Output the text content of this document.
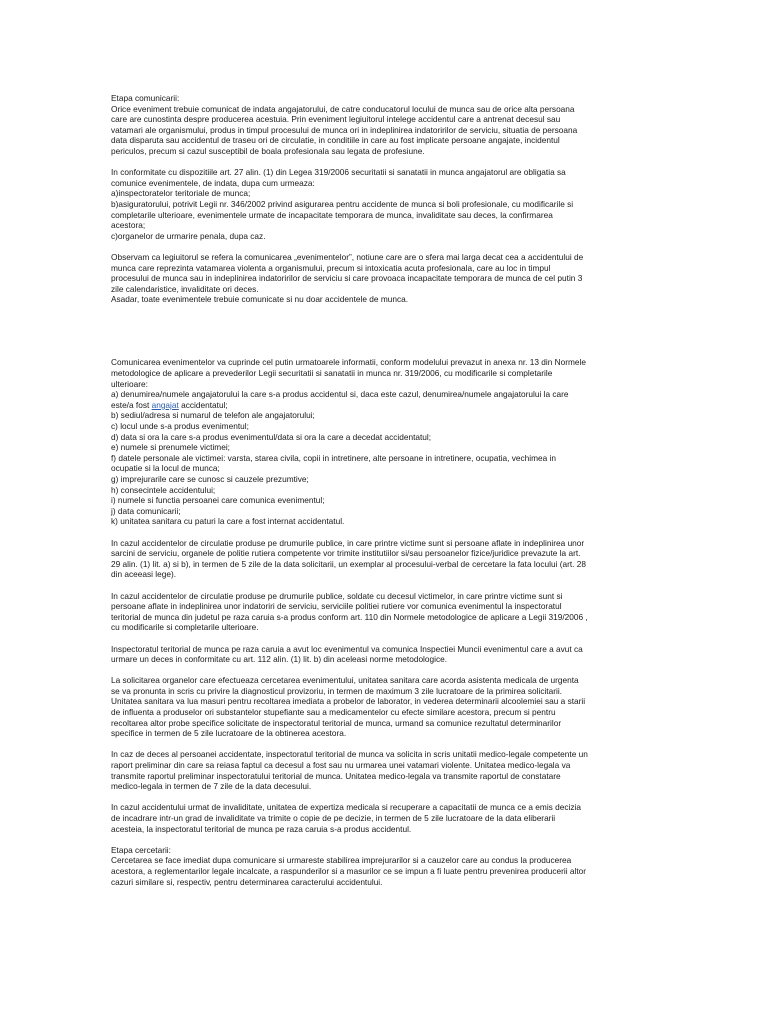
Etapa comunicarii:
Orice eveniment trebuie comunicat de indata angajatorului, de catre conducatorul locului de munca sau de orice alta persoana
care are cunostinta despre producerea acestuia. Prin eveniment legiuitorul intelege accidentul care a antrenat decesul sau
vatamari ale organismului, produs in timpul procesului de munca ori in indeplinirea indatoririlor de serviciu, situatia de persoana
data disparuta sau accidentul de traseu ori de circulatie, in conditiile in care au fost implicate persoane angajate, incidentul
periculos, precum si cazul susceptibil de boala profesionala sau legata de profesiune.
In conformitate cu dispozitiile art. 27 alin. (1) din Legea 319/2006 securitatii si sanatatii in munca angajatorul are obligatia sa
comunice evenimentele, de indata, dupa cum urmeaza:
a)inspectoratelor teritoriale de munca;
b)asiguratorului, potrivit Legii nr. 346/2002 privind asigurarea pentru accidente de munca si boli profesionale, cu modificarile si
completarile ulterioare, evenimentele urmate de incapacitate temporara de munca, invaliditate sau deces, la confirmarea
acestora;
c)organelor de urmarire penala, dupa caz.
Observam ca legiuitorul se refera la comunicarea „evenimentelor”, notiune care are o sfera mai larga decat cea a accidentului de
munca care reprezinta vatamarea violenta a organismului, precum si intoxicatia acuta profesionala, care au loc in timpul
procesului de munca sau in indeplinirea indatoririlor de serviciu si care provoaca incapacitate temporara de munca de cel putin 3
zile calendaristice, invaliditate ori deces.
Asadar, toate evenimentele trebuie comunicate si nu doar accidentele de munca.
Comunicarea evenimentelor va cuprinde cel putin urmatoarele informatii, conform modelului prevazut in anexa nr. 13 din Normele
metodologice de aplicare a prevederilor Legii securitatii si sanatatii in munca nr. 319/2006, cu modificarile si completarile
ulterioare:
a) denumirea/numele angajatorului la care s-a produs accidentul si, daca este cazul, denumirea/numele angajatorului la care
este/a fost angajat accidentatul;
b) sediul/adresa si numarul de telefon ale angajatorului;
c) locul unde s-a produs evenimentul;
d) data si ora la care s-a produs evenimentul/data si ora la care a decedat accidentatul;
e) numele si prenumele victimei;
f) datele personale ale victimei: varsta, starea civila, copii in intretinere, alte persoane in intretinere, ocupatia, vechimea in
ocupatie si la locul de munca;
g) imprejurarile care se cunosc si cauzele prezumtive;
h) consecintele accidentului;
i) numele si functia persoanei care comunica evenimentul;
j) data comunicarii;
k) unitatea sanitara cu paturi la care a fost internat accidentatul.
In cazul accidentelor de circulatie produse pe drumurile publice, in care printre victime sunt si persoane aflate in indeplinirea unor
sarcini de serviciu, organele de politie rutiera competente vor trimite institutiilor si/sau persoanelor fizice/juridice prevazute la art.
29 alin. (1) lit. a) si b), in termen de 5 zile de la data solicitarii, un exemplar al procesului-verbal de cercetare la fata locului (art. 28
din aceeasi lege).
In cazul accidentelor de circulatie produse pe drumurile publice, soldate cu decesul victimelor, in care printre victime sunt si
persoane aflate in indeplinirea unor indatoriri de serviciu, serviciile politiei rutiere vor comunica evenimentul la inspectoratul
teritorial de munca din judetul pe raza caruia s-a produs conform art. 110 din Normele metodologice de aplicare a Legii 319/2006 ,
cu modificarile si completarile ulterioare.
Inspectoratul teritorial de munca pe raza caruia a avut loc evenimentul va comunica Inspectiei Muncii evenimentul care a avut ca
urmare un deces in conformitate cu art. 112 alin. (1) lit. b) din aceleasi norme metodologice.
La solicitarea organelor care efectueaza cercetarea evenimentului, unitatea sanitara care acorda asistenta medicala de urgenta
se va pronunta in scris cu privire la diagnosticul provizoriu, in termen de maximum 3 zile lucratoare de la primirea solicitarii.
Unitatea sanitara va lua masuri pentru recoltarea imediata a probelor de laborator, in vederea determinarii alcoolemiei sau a starii
de influenta a produselor ori substantelor stupefiante sau a medicamentelor cu efecte similare acestora, precum si pentru
recoltarea altor probe specifice solicitate de inspectoratul teritorial de munca, urmand sa comunice rezultatul determinarilor
specifice in termen de 5 zile lucratoare de la obtinerea acestora.
In caz de deces al persoanei accidentate, inspectoratul teritorial de munca va solicita in scris unitatii medico-legale competente un
raport preliminar din care sa reiasa faptul ca decesul a fost sau nu urmarea unei vatamari violente. Unitatea medico-legala va
transmite raportul preliminar inspectoratului teritorial de munca. Unitatea medico-legala va transmite raportul de constatare
medico-legala in termen de 7 zile de la data decesului.
In cazul accidentului urmat de invaliditate, unitatea de expertiza medicala si recuperare a capacitatii de munca ce a emis decizia
de incadrare intr-un grad de invaliditate va trimite o copie de pe decizie, in termen de 5 zile lucratoare de la data eliberarii
acesteia, la inspectoratul teritorial de munca pe raza caruia s-a produs accidentul.
Etapa cercetarii:
Cercetarea se face imediat dupa comunicare si urmareste stabilirea imprejurarilor si a cauzelor care au condus la producerea
acestora, a reglementarilor legale incalcate, a raspunderilor si a masurilor ce se impun a fi luate pentru prevenirea producerii altor
cazuri similare si, respectiv, pentru determinarea caracterului accidentului.
